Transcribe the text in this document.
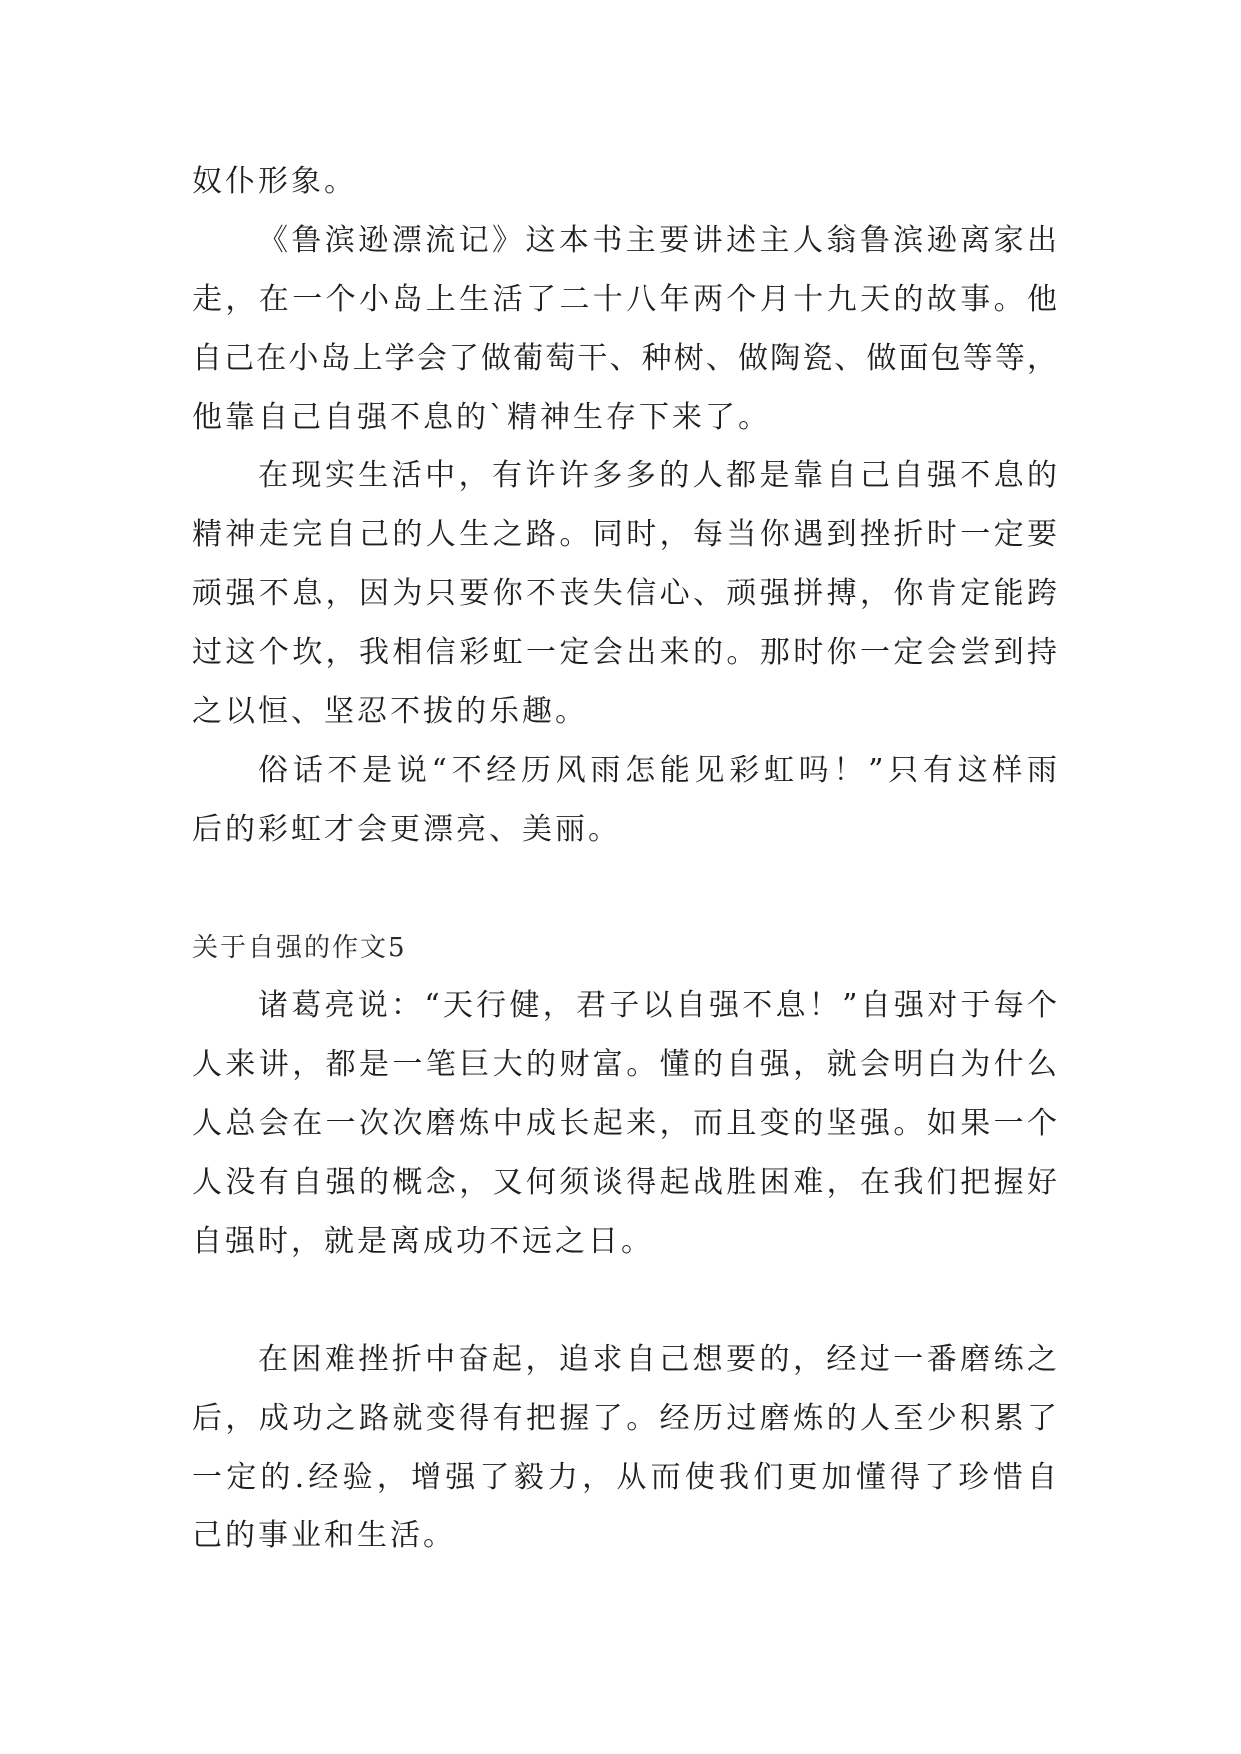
奴仆形象。
《鲁滨逊漂流记》这本书主要讲述主人翁鲁滨逊离家出
走，在一个小岛上生活了二十八年两个月十九天的故事。他
自己在小岛上学会了做葡萄干、种树、做陶瓷、做面包等等，
他靠自己自强不息的`精神生存下来了。
在现实生活中，有许许多多的人都是靠自己自强不息的
精神走完自己的人生之路。同时，每当你遇到挫折时一定要
顽强不息，因为只要你不丧失信心、顽强拼搏，你肯定能跨
过这个坎，我相信彩虹一定会出来的。那时你一定会尝到持
之以恒、坚忍不拔的乐趣。
俗话不是说“不经历风雨怎能见彩虹吗！”只有这样雨
后的彩虹才会更漂亮、美丽。
关于自强的作文5
诸葛亮说：“天行健，君子以自强不息！”自强对于每个
人来讲，都是一笔巨大的财富。懂的自强，就会明白为什么
人总会在一次次磨炼中成长起来，而且变的坚强。如果一个
人没有自强的概念，又何须谈得起战胜困难，在我们把握好
自强时，就是离成功不远之日。
在困难挫折中奋起，追求自己想要的，经过一番磨练之
后，成功之路就变得有把握了。经历过磨炼的人至少积累了
一定的.经验，增强了毅力，从而使我们更加懂得了珍惜自
己的事业和生活。
